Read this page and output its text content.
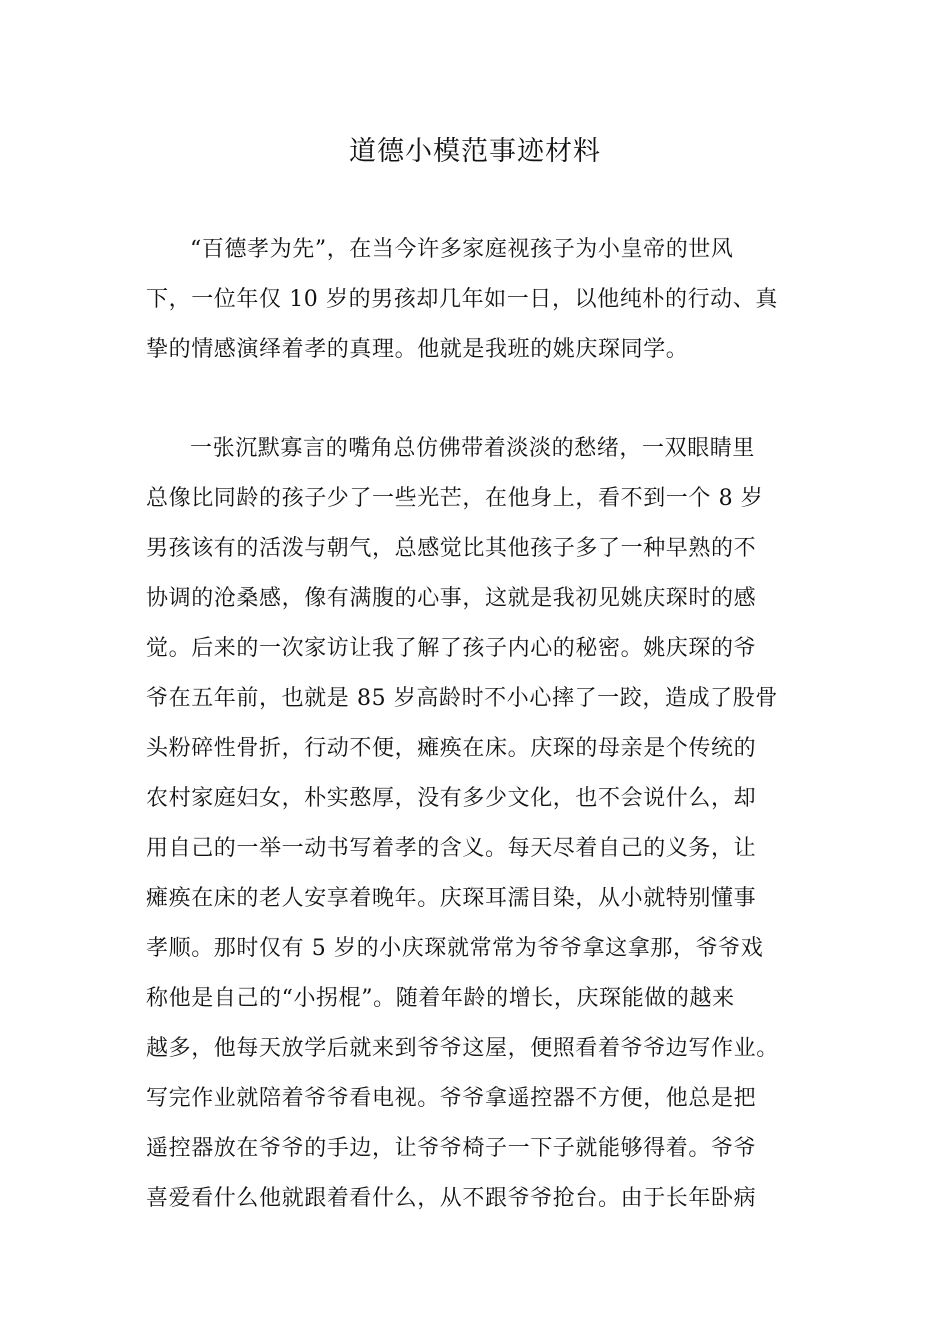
道德小模范事迹材料
“百德孝为先”，在当今许多家庭视孩子为小皇帝的世风
下，一位年仅 10 岁的男孩却几年如一日，以他纯朴的行动、真
挚的情感演绎着孝的真理。他就是我班的姚庆琛同学。
一张沉默寡言的嘴角总仿佛带着淡淡的愁绪，一双眼睛里
总像比同龄的孩子少了一些光芒，在他身上，看不到一个 8 岁
男孩该有的活泼与朝气，总感觉比其他孩子多了一种早熟的不
协调的沧桑感，像有满腹的心事，这就是我初见姚庆琛时的感
觉。后来的一次家访让我了解了孩子内心的秘密。姚庆琛的爷
爷在五年前，也就是 85 岁高龄时不小心摔了一跤，造成了股骨
头粉碎性骨折，行动不便，瘫痪在床。庆琛的母亲是个传统的
农村家庭妇女，朴实憨厚，没有多少文化，也不会说什么，却
用自己的一举一动书写着孝的含义。每天尽着自己的义务，让
瘫痪在床的老人安享着晚年。庆琛耳濡目染，从小就特别懂事
孝顺。那时仅有 5 岁的小庆琛就常常为爷爷拿这拿那，爷爷戏
称他是自己的“小拐棍”。随着年龄的增长，庆琛能做的越来
越多，他每天放学后就来到爷爷这屋，便照看着爷爷边写作业。
写完作业就陪着爷爷看电视。爷爷拿遥控器不方便，他总是把
遥控器放在爷爷的手边，让爷爷椅子一下子就能够得着。爷爷
喜爱看什么他就跟着看什么，从不跟爷爷抢台。由于长年卧病
